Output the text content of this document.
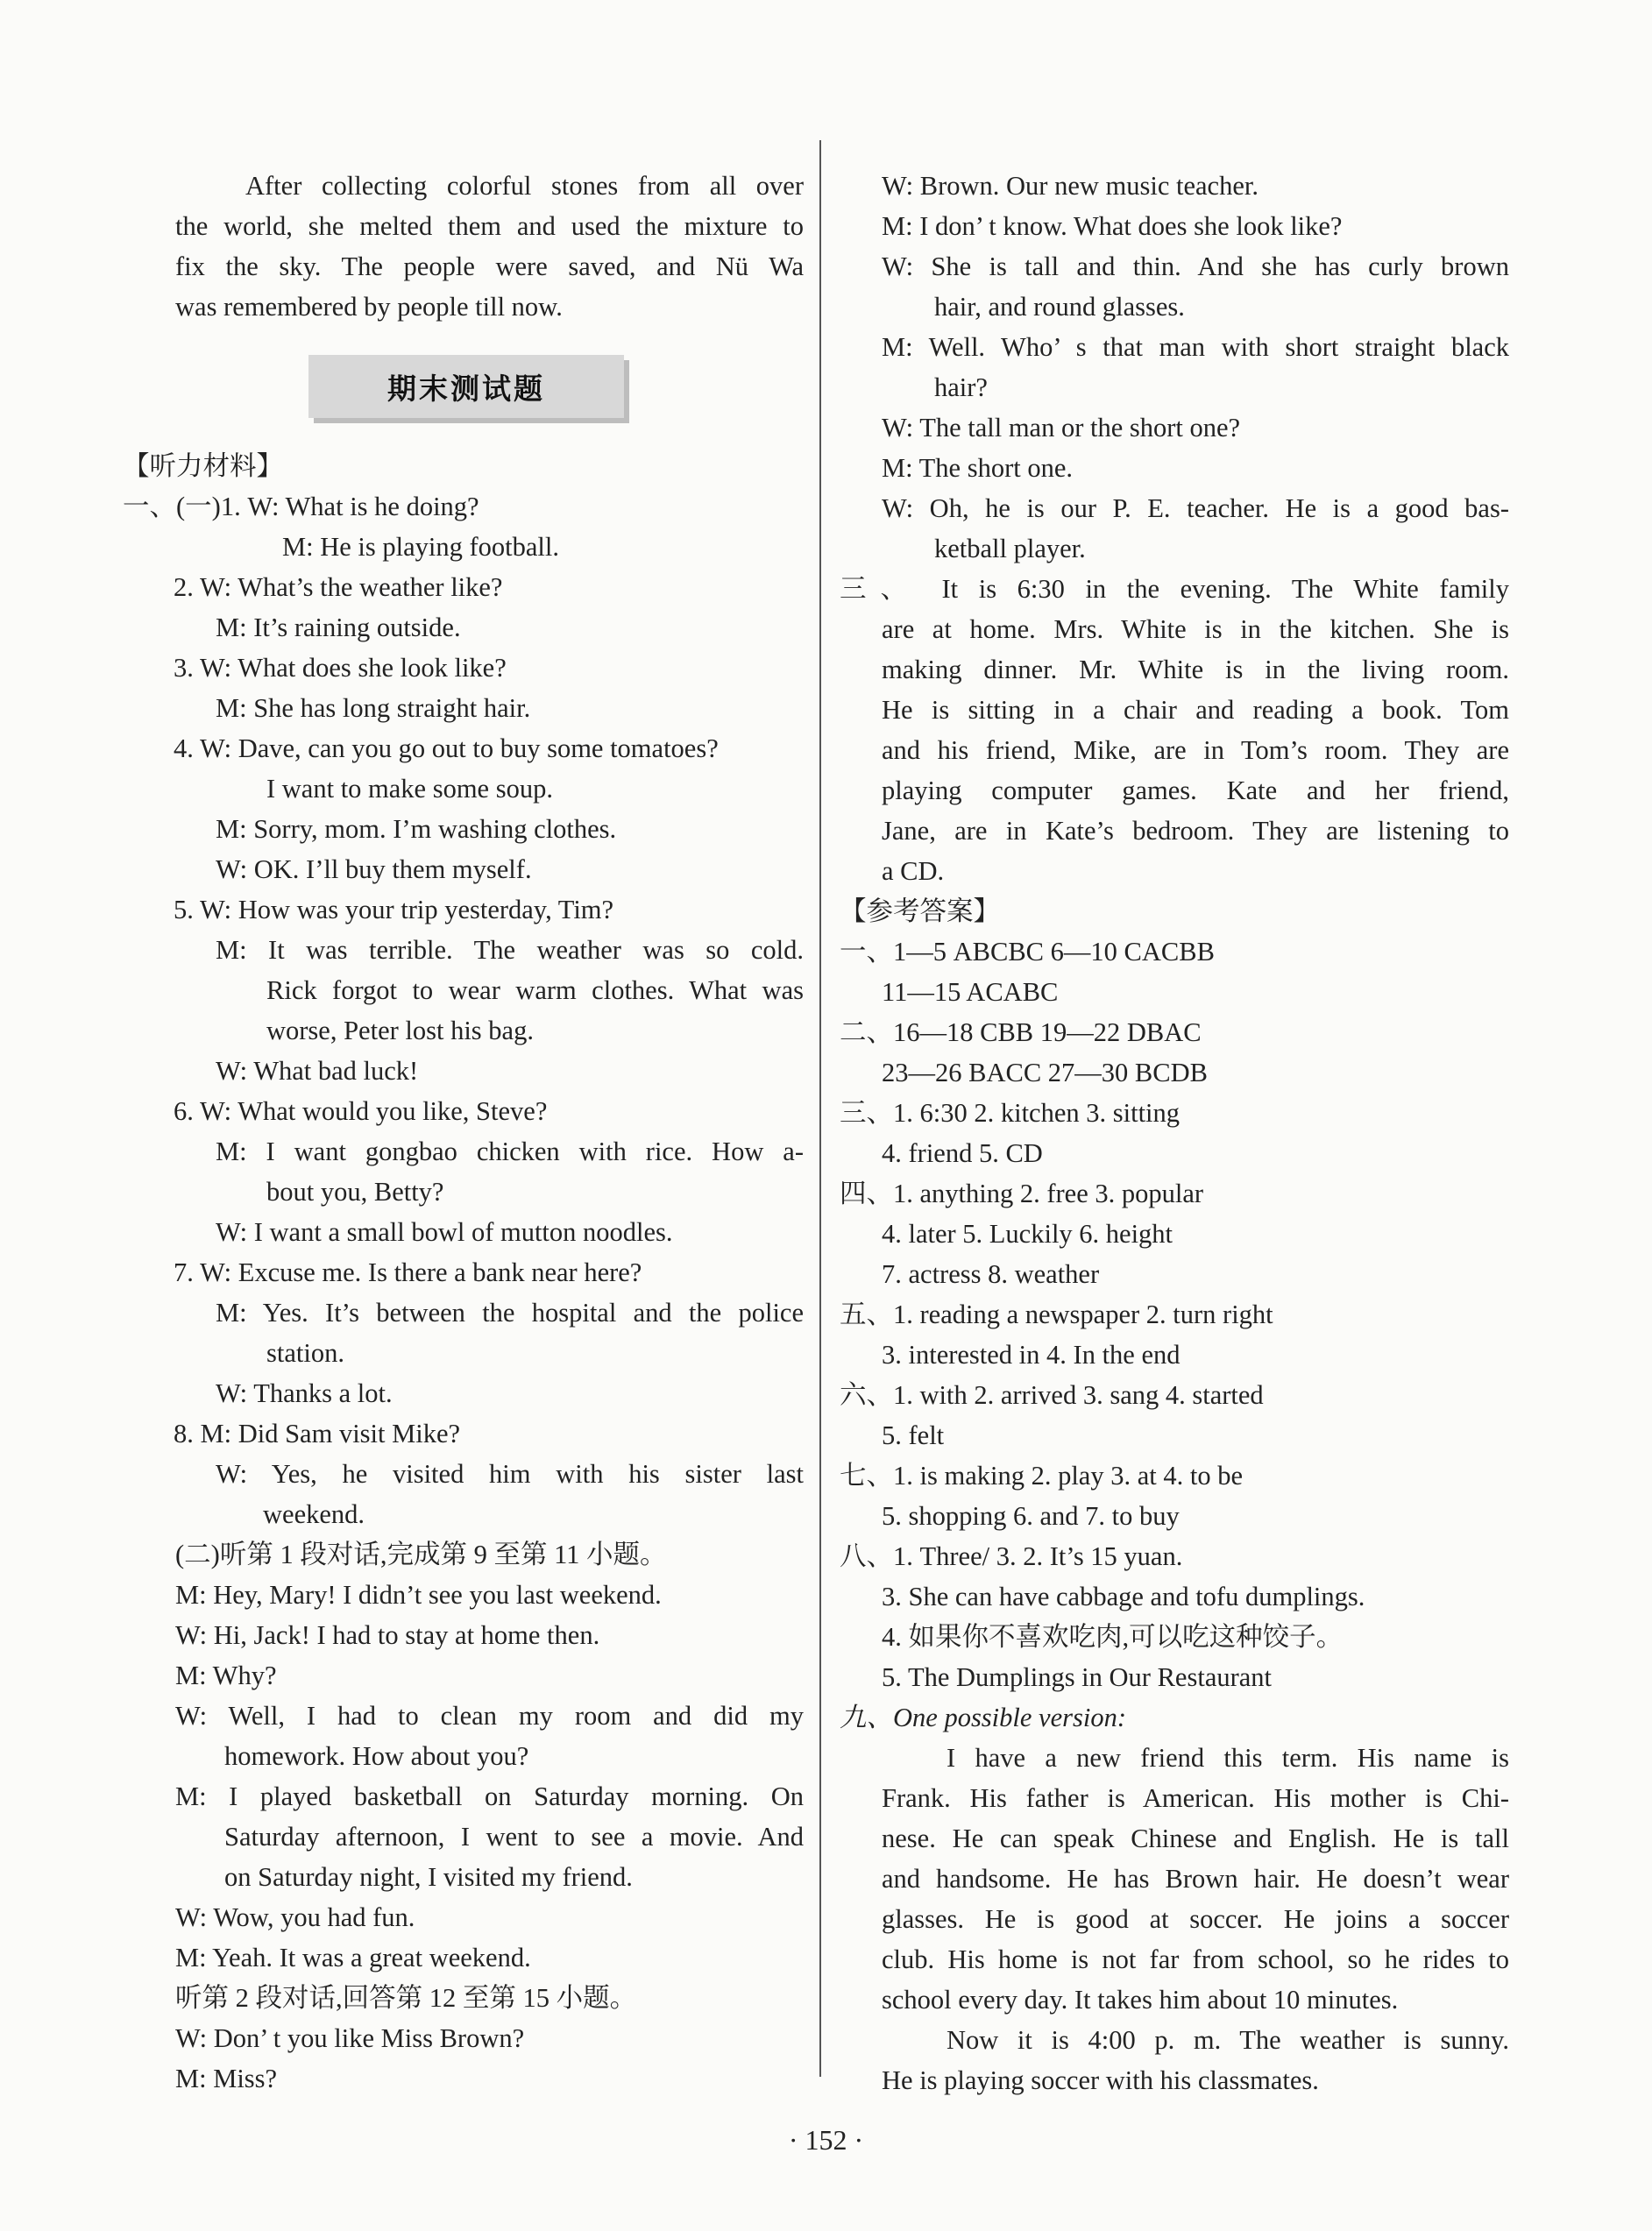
After collecting colorful stones from all over
the world, she melted them and used the mixture to
fix the sky. The people were saved, and Nü Wa
was remembered by people till now.
期末测试题
【听力材料】
一、(一)1. W: What is he doing?
M: He is playing football.
2. W: What’s the weather like?
M: It’s raining outside.
3. W: What does she look like?
M: She has long straight hair.
4. W: Dave, can you go out to buy some tomatoes?
I want to make some soup.
M: Sorry, mom. I’m washing clothes.
W: OK. I’ll buy them myself.
5. W: How was your trip yesterday, Tim?
M: It was terrible. The weather was so cold.
Rick forgot to wear warm clothes. What was
worse, Peter lost his bag.
W: What bad luck!
6. W: What would you like, Steve?
M: I want gongbao chicken with rice. How a-
bout you, Betty?
W: I want a small bowl of mutton noodles.
7. W: Excuse me. Is there a bank near here?
M: Yes. It’s between the hospital and the police
station.
W: Thanks a lot.
8. M: Did Sam visit Mike?
W: Yes, he visited him with his sister last
weekend.
(二)听第 1 段对话,完成第 9 至第 11 小题。
M: Hey, Mary! I didn’t see you last weekend.
W: Hi, Jack! I had to stay at home then.
M: Why?
W: Well, I had to clean my room and did my
homework. How about you?
M: I played basketball on Saturday morning. On
Saturday afternoon, I went to see a movie. And
on Saturday night, I visited my friend.
W: Wow, you had fun.
M: Yeah. It was a great weekend.
听第 2 段对话,回答第 12 至第 15 小题。
W: Don’ t you like Miss Brown?
M: Miss?
W: Brown. Our new music teacher.
M: I don’ t know. What does she look like?
W: She is tall and thin. And she has curly brown
hair, and round glasses.
M: Well. Who’ s that man with short straight black
hair?
W: The tall man or the short one?
M: The short one.
W: Oh, he is our P. E. teacher. He is a good bas-
ketball player.
三、 It is 6:30 in the evening. The White family
are at home. Mrs. White is in the kitchen. She is
making dinner. Mr. White is in the living room.
He is sitting in a chair and reading a book. Tom
and his friend, Mike, are in Tom’s room. They are
playing computer games. Kate and her friend,
Jane, are in Kate’s bedroom. They are listening to
a CD.
【参考答案】
一、1—5 ABCBC 6—10 CACBB
11—15 ACABC
二、16—18 CBB 19—22 DBAC
23—26 BACC 27—30 BCDB
三、1. 6:30 2. kitchen 3. sitting
4. friend 5. CD
四、1. anything 2. free 3. popular
4. later 5. Luckily 6. height
7. actress 8. weather
五、1. reading a newspaper 2. turn right
3. interested in 4. In the end
六、1. with 2. arrived 3. sang 4. started
5. felt
七、1. is making 2. play 3. at 4. to be
5. shopping 6. and 7. to buy
八、1. Three/ 3. 2. It’s 15 yuan.
3. She can have cabbage and tofu dumplings.
4. 如果你不喜欢吃肉,可以吃这种饺子。
5. The Dumplings in Our Restaurant
九、One possible version:
I have a new friend this term. His name is
Frank. His father is American. His mother is Chi-
nese. He can speak Chinese and English. He is tall
and handsome. He has Brown hair. He doesn’t wear
glasses. He is good at soccer. He joins a soccer
club. His home is not far from school, so he rides to
school every day. It takes him about 10 minutes.
Now it is 4:00 p. m. The weather is sunny.
He is playing soccer with his classmates.
· 152 ·
